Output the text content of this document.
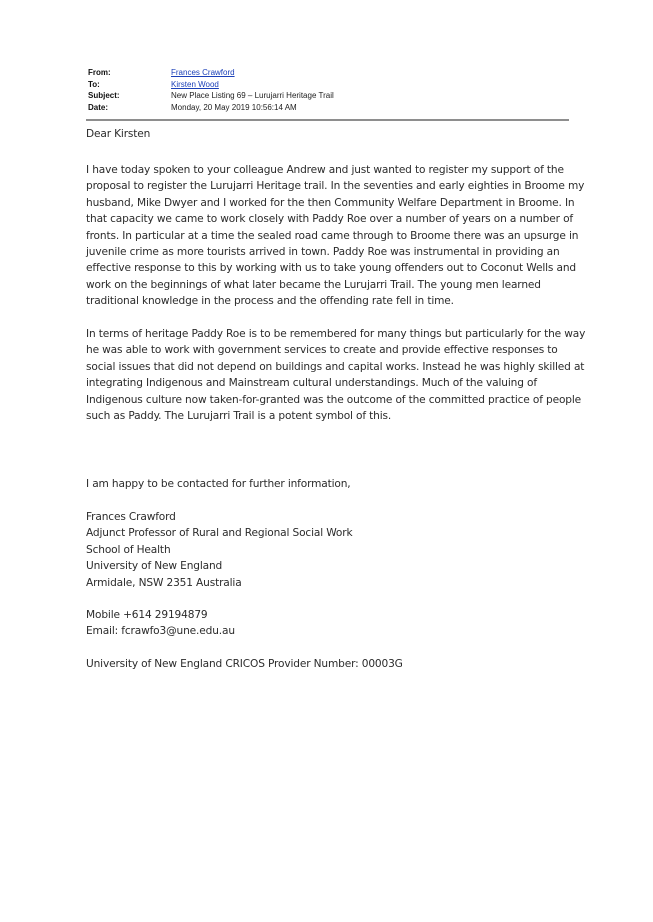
From:	Frances Crawford
To:	Kirsten Wood
Subject:	New Place Listing 69 – Lurujarri Heritage Trail
Date:	Monday, 20 May 2019 10:56:14 AM
Dear Kirsten
I have today spoken to your colleague Andrew and just wanted to register my support of the
proposal to register the Lurujarri Heritage trail. In the seventies and early eighties in Broome my
husband, Mike Dwyer and I worked for the then Community Welfare Department in Broome. In
that capacity we came to work closely with Paddy Roe over a number of years on a number of
fronts. In particular at a time the sealed road came through to Broome there was an upsurge in
juvenile crime as more tourists arrived in town. Paddy Roe was instrumental in providing an
effective response to this by working with us to take young offenders out to Coconut Wells and
work on the beginnings of what later became the Lurujarri Trail. The young men learned
traditional knowledge in the process and the offending rate fell in time.
In terms of heritage Paddy Roe is to be remembered for many things but particularly for the way
he was able to work with government services to create and provide effective responses to
social issues that did not depend on buildings and capital works. Instead he was highly skilled at
integrating Indigenous and Mainstream cultural understandings. Much of the valuing of
Indigenous culture now taken-for-granted was the outcome of the committed practice of people
such as Paddy. The Lurujarri Trail is a potent symbol of this.
I am happy to be contacted for further information,
Frances Crawford
Adjunct Professor of Rural and Regional Social Work
School of Health
University of New England
Armidale, NSW 2351 Australia
Mobile +614 29194879
Email: fcrawfo3@une.edu.au
University of New England CRICOS Provider Number: 00003G
